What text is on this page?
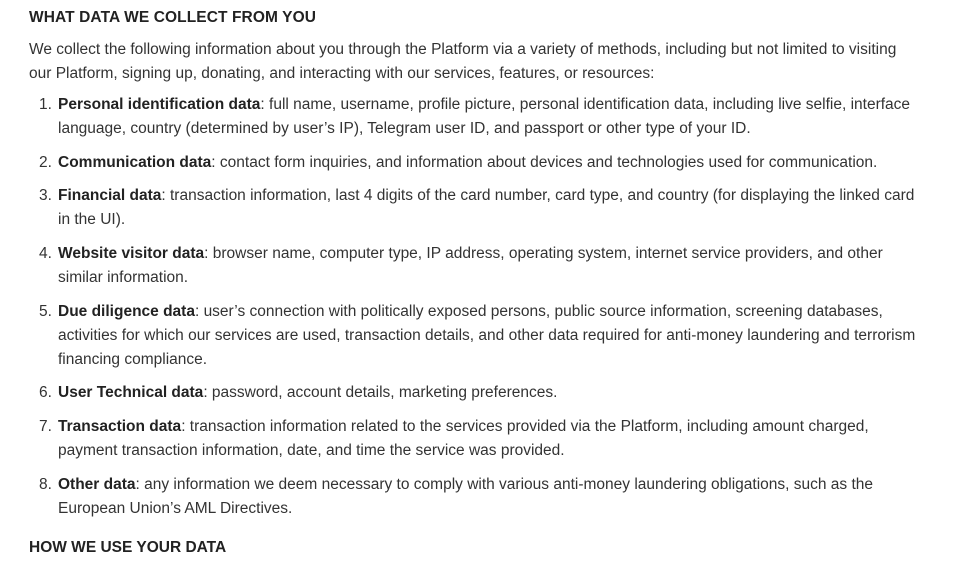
WHAT DATA WE COLLECT FROM YOU

We collect the following information about you through the Platform via a variety of methods, including but not limited to visiting our Platform, signing up, donating, and interacting with our services, features, or resources:

1. Personal identification data: full name, username, profile picture, personal identification data, including live selfie, interface language, country (determined by user’s IP), Telegram user ID, and passport or other type of your ID.
2. Communication data: contact form inquiries, and information about devices and technologies used for communication.
3. Financial data: transaction information, last 4 digits of the card number, card type, and country (for displaying the linked card in the UI).
4. Website visitor data: browser name, computer type, IP address, operating system, internet service providers, and other similar information.
5. Due diligence data: user’s connection with politically exposed persons, public source information, screening databases, activities for which our services are used, transaction details, and other data required for anti-money laundering and terrorism financing compliance.
6. User Technical data: password, account details, marketing preferences.
7. Transaction data: transaction information related to the services provided via the Platform, including amount charged, payment transaction information, date, and time the service was provided.
8. Other data: any information we deem necessary to comply with various anti-money laundering obligations, such as the European Union’s AML Directives.
HOW WE USE YOUR DATA
